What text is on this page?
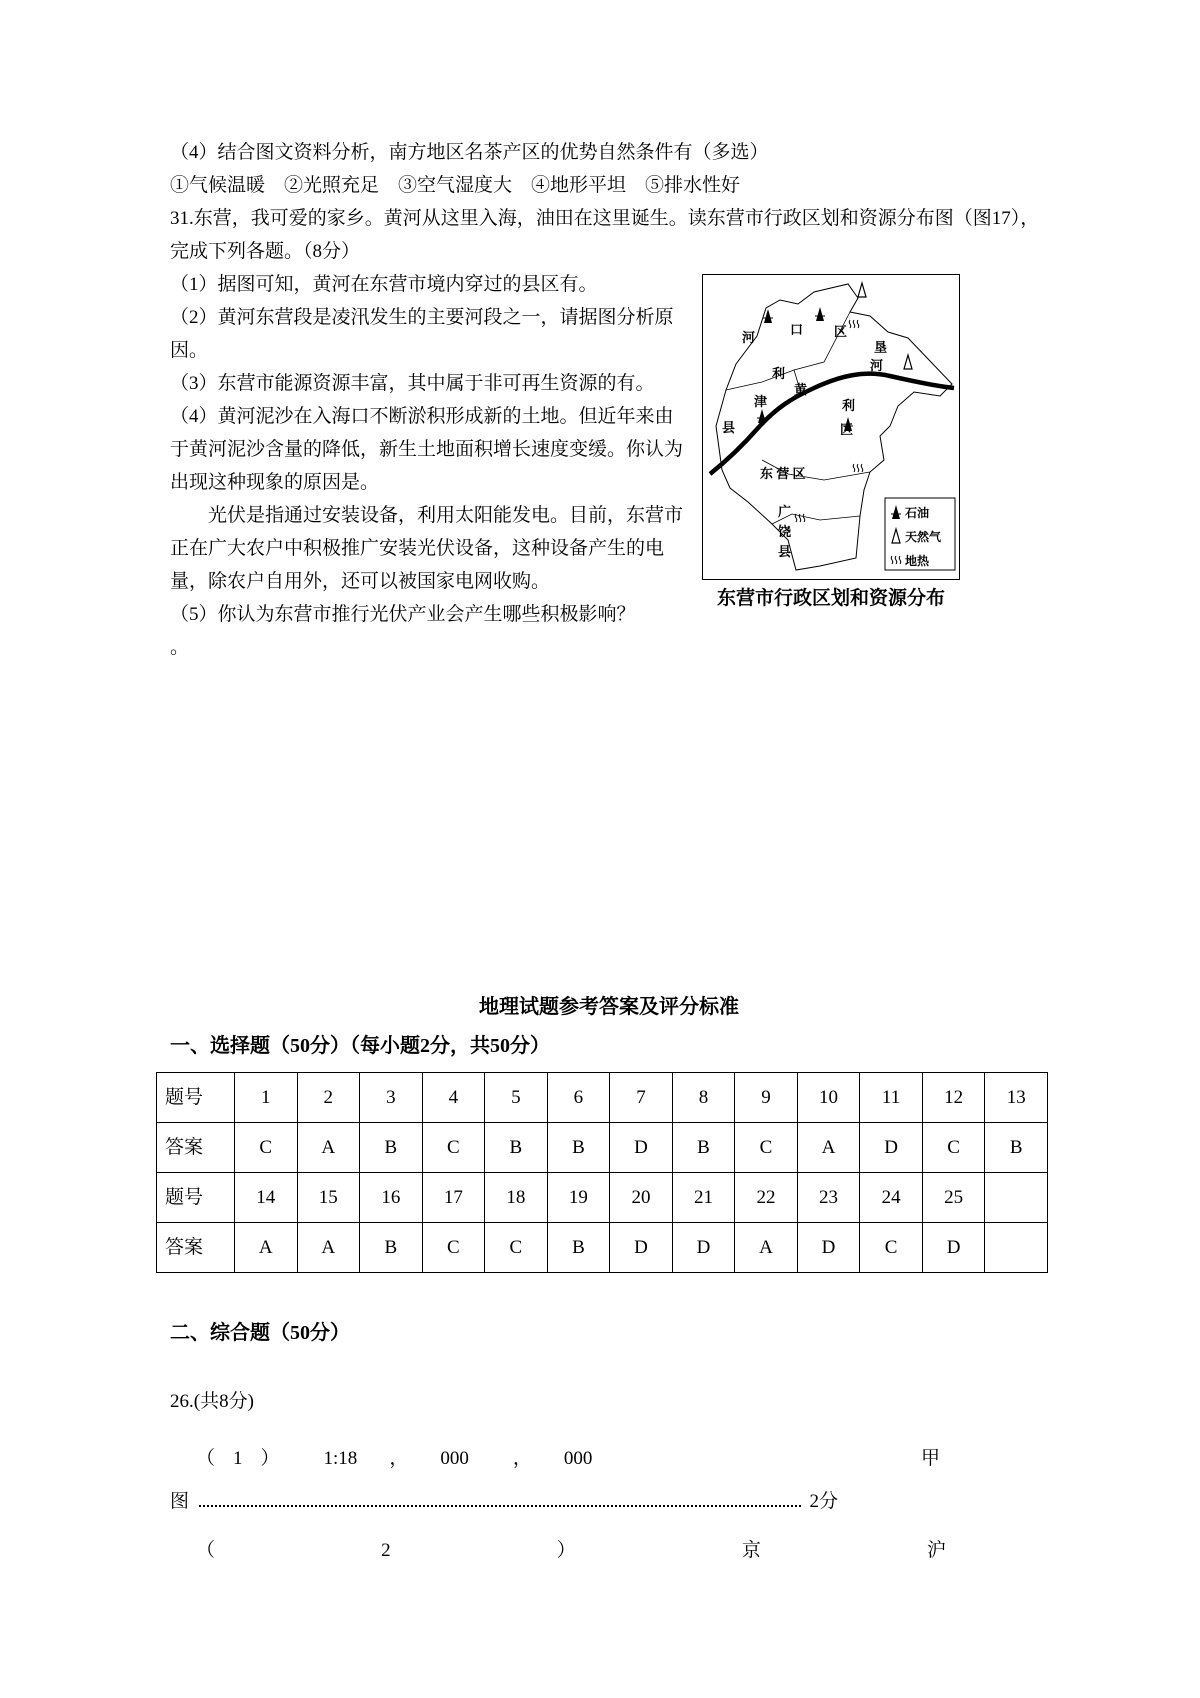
（4）结合图文资料分析，南方地区名茶产区的优势自然条件有（多选）

①气候温暖　②光照充足　③空气湿度大　④地形平坦　⑤排水性好

31.东营，我可爱的家乡。黄河从这里入海，油田在这里诞生。读东营市行政区划和资源分布图（图17），完成下列各题。（8分）

河
口 区
垦
利
津
县
黄
河
利
区
东 营 区
广
饶
县
石油
天然气
地热
东营市行政区划和资源分布

（1）据图可知，黄河在东营市境内穿过的县区有。

（2）黄河东营段是凌汛发生的主要河段之一，请据图分析原因。

（3）东营市能源资源丰富，其中属于非可再生资源的有。

（4）黄河泥沙在入海口不断淤积形成新的土地。但近年来由于黄河泥沙含量的降低，新生土地面积增长速度变缓。你认为出现这种现象的原因是。

光伏是指通过安装设备，利用太阳能发电。目前，东营市正在广大农户中积极推广安装光伏设备，这种设备产生的电量，除农户自用外，还可以被国家电网收购。

（5）你认为东营市推行光伏产业会产生哪些积极影响？

。

地理试题参考答案及评分标准
一、选择题（50分）（每小题2分，共50分）
题号	1	2	3	4	5	6	7	8	9	10	11	12	13
答案	C	A	B	C	B	B	D	B	C	A	D	C	B
题号	14	15	16	17	18	19	20	21	22	23	24	25	
答案	A	A	B	C	C	B	D	D	A	D	C	D	
二、综合题（50分）
26.(共8分)
（ 1 ） 1:18 ， 000 ， 000	甲
图	2分
（	2	）	京	沪
